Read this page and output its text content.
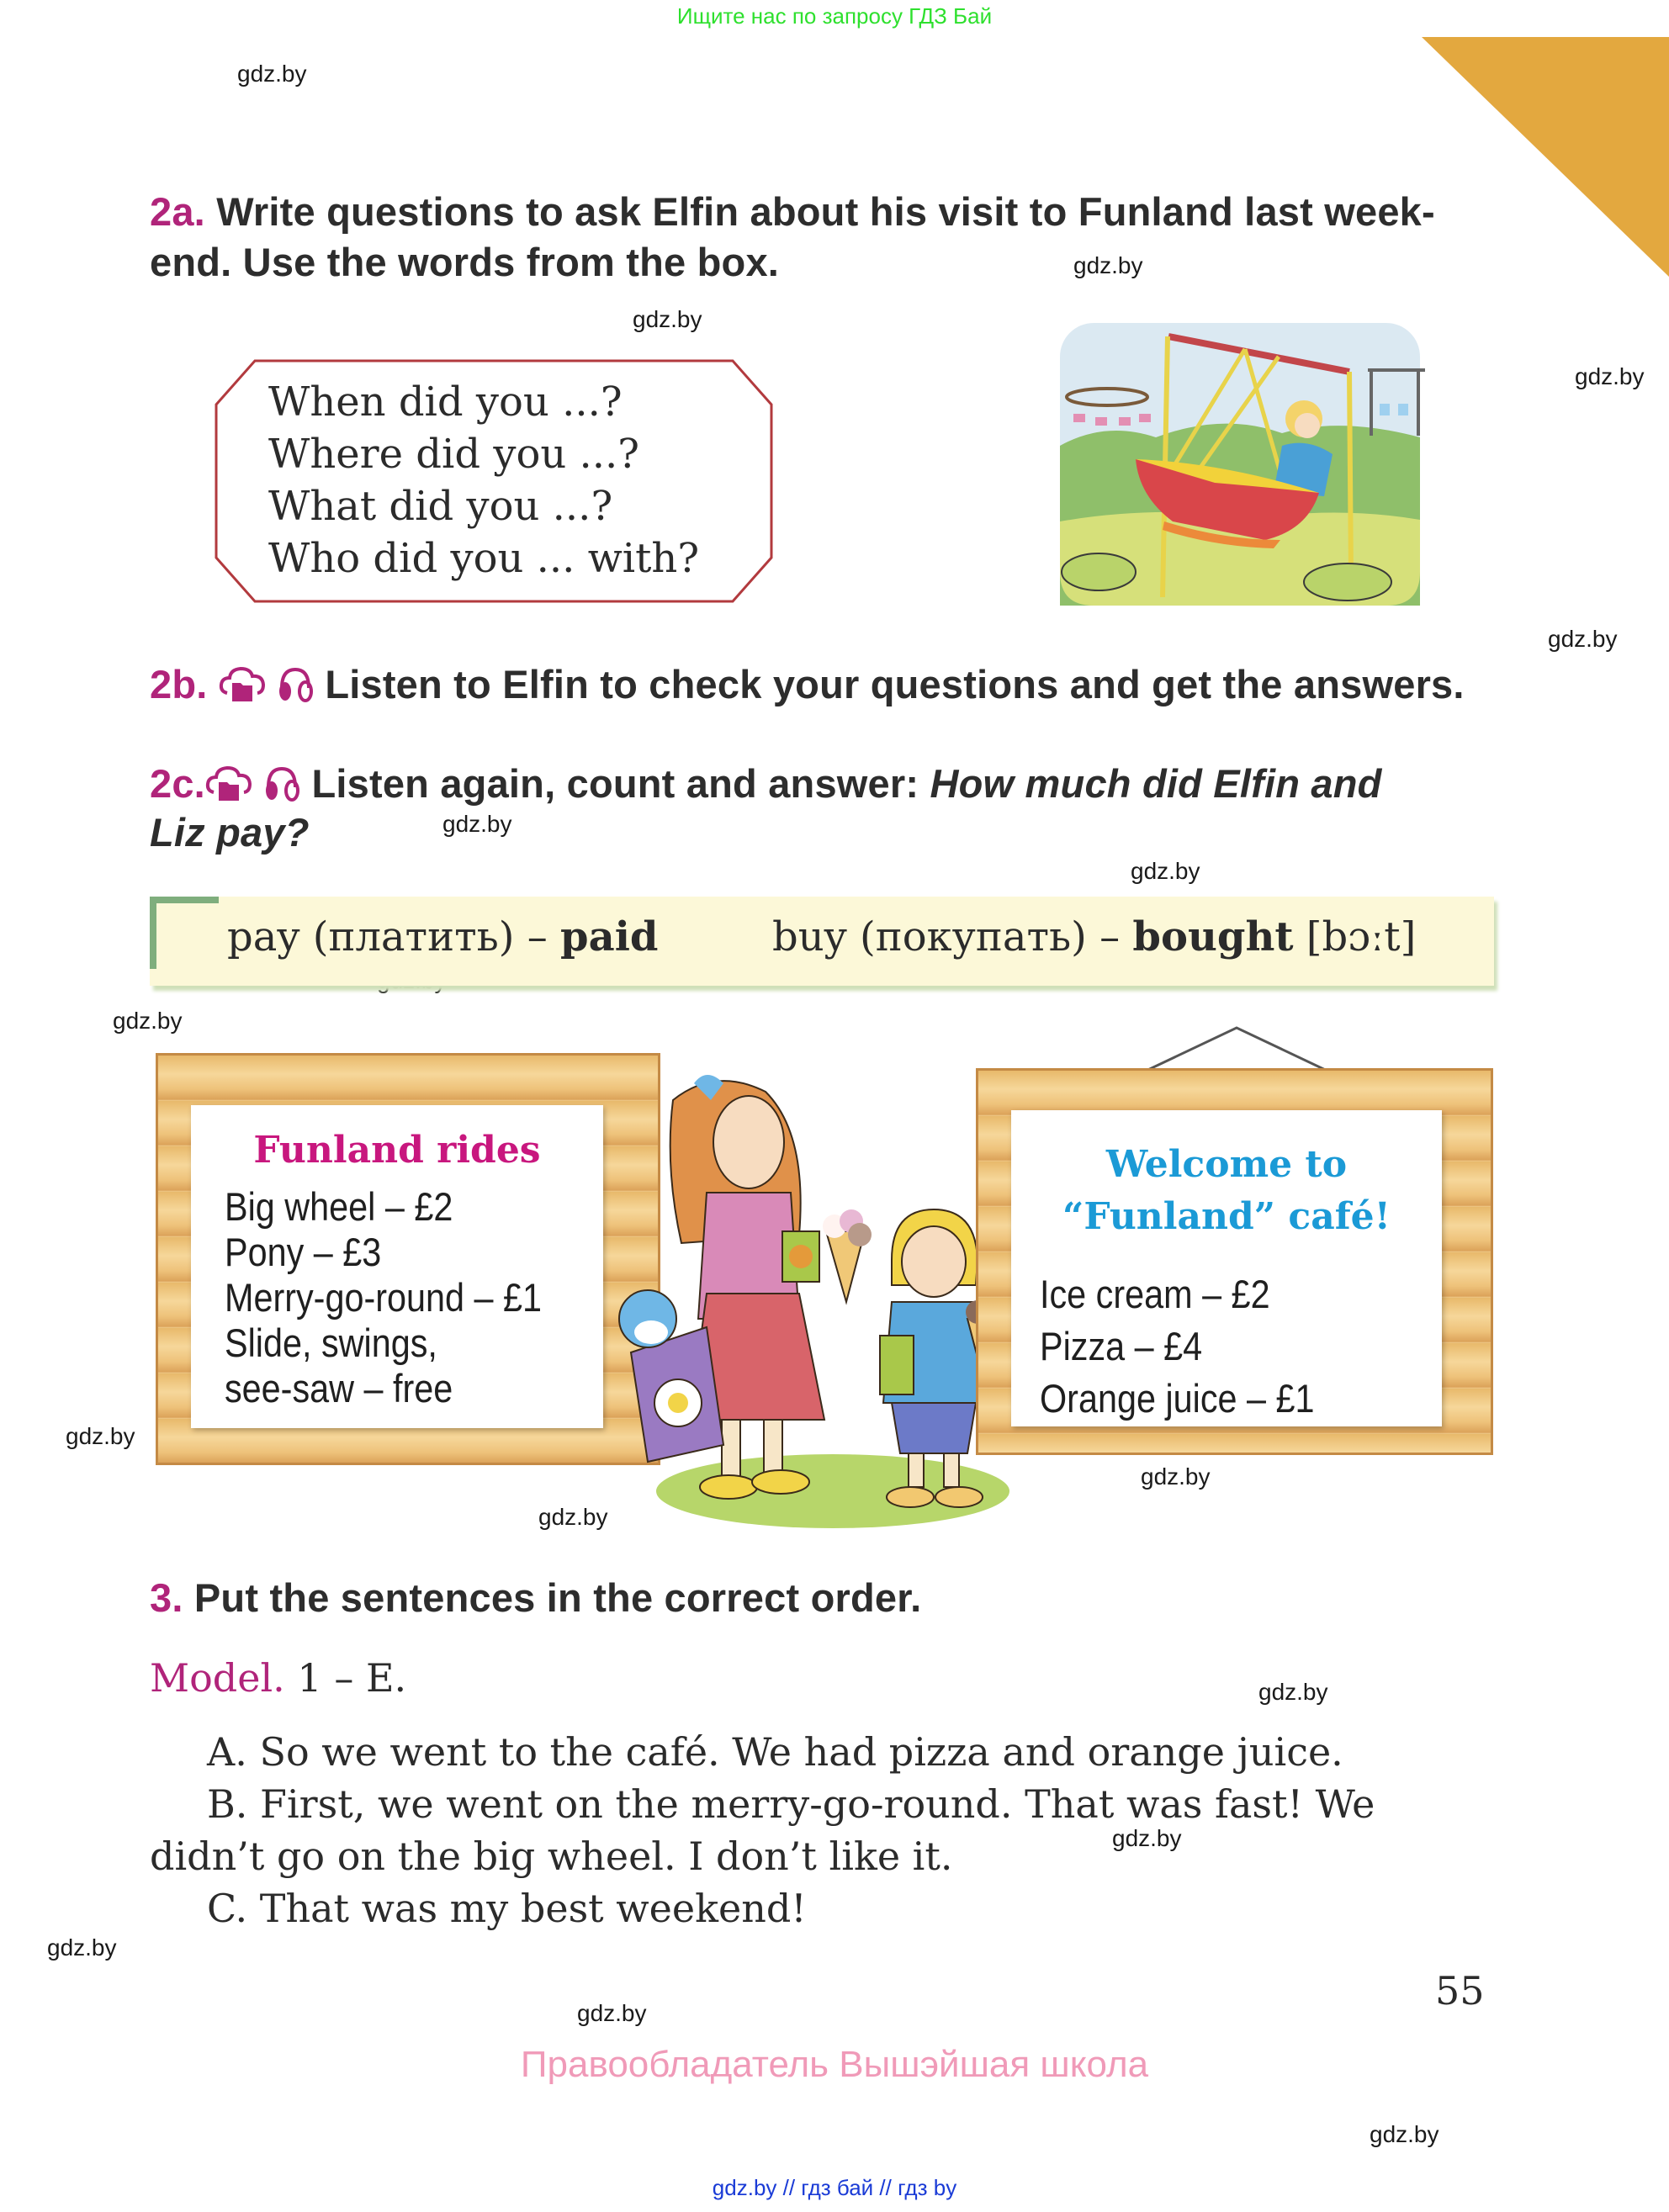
Ищите нас по запросу ГДЗ Бай
gdz.by
gdz.by
gdz.by
gdz.by
gdz.by
gdz.by
gdz.by
gdz.by
gdz.by
gdz.by
gdz.by
gdz.by
gdz.by
gdz.by
gdz.by
gdz.by
2a. Write questions to ask Elfin about his visit to Funland last week-
end. Use the words from the box.
When did you ...?
Where did you ...?
What did you ...?
Who did you ... with?
2b.	Listen to Elfin to check your questions and get the answers.
2c.	Listen again, count and answer: How much did Elfin and
Liz pay?
pay (платить) – paid	buy (покупать) – bought [bɔːt]
Funland rides
Big wheel – £2
Pony – £3
Merry-go-round – £1
Slide, swings,
see-saw – free
Welcome to
“Funland” café!
Ice cream – £2
Pizza – £4
Orange juice – £1
3. Put the sentences in the correct order.
Model. 1 – E.
A. So we went to the café. We had pizza and orange juice.
B. First, we went on the merry-go-round. That was fast! We
didn’t go on the big wheel. I don’t like it.
C. That was my best weekend!
55
Правообладатель Вышэйшая школа
gdz.by // гдз бай // гдз by
